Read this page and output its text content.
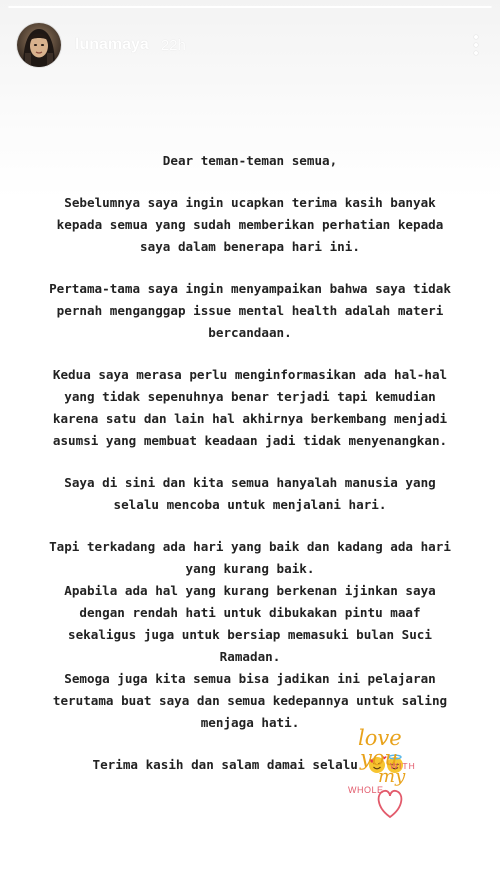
lunamaya 22h

Dear teman-teman semua,

Sebelumnya saya ingin ucapkan terima kasih banyak
kepada semua yang sudah memberikan perhatian kepada
saya dalam benerapa hari ini.

Pertama-tama saya ingin menyampaikan bahwa saya tidak
pernah menganggap issue mental health adalah materi
bercandaan.

Kedua saya merasa perlu menginformasikan ada hal-hal
yang tidak sepenuhnya benar terjadi tapi kemudian
karena satu dan lain hal akhirnya berkembang menjadi
asumsi yang membuat keadaan jadi tidak menyenangkan.

Saya di sini dan kita semua hanyalah manusia yang
selalu mencoba untuk menjalani hari.

Tapi terkadang ada hari yang baik dan kadang ada hari
yang kurang baik.
Apabila ada hal yang kurang berkenan ijinkan saya
dengan rendah hati untuk dibukakan pintu maaf
sekaligus juga untuk bersiap memasuki bulan Suci
Ramadan.
Semoga juga kita semua bisa jadikan ini pelajaran
terutama buat saya dan semua kedepannya untuk saling
menjaga hati.

Terima kasih dan salam damai selalu

love
you
WITH
my
WHOLE
